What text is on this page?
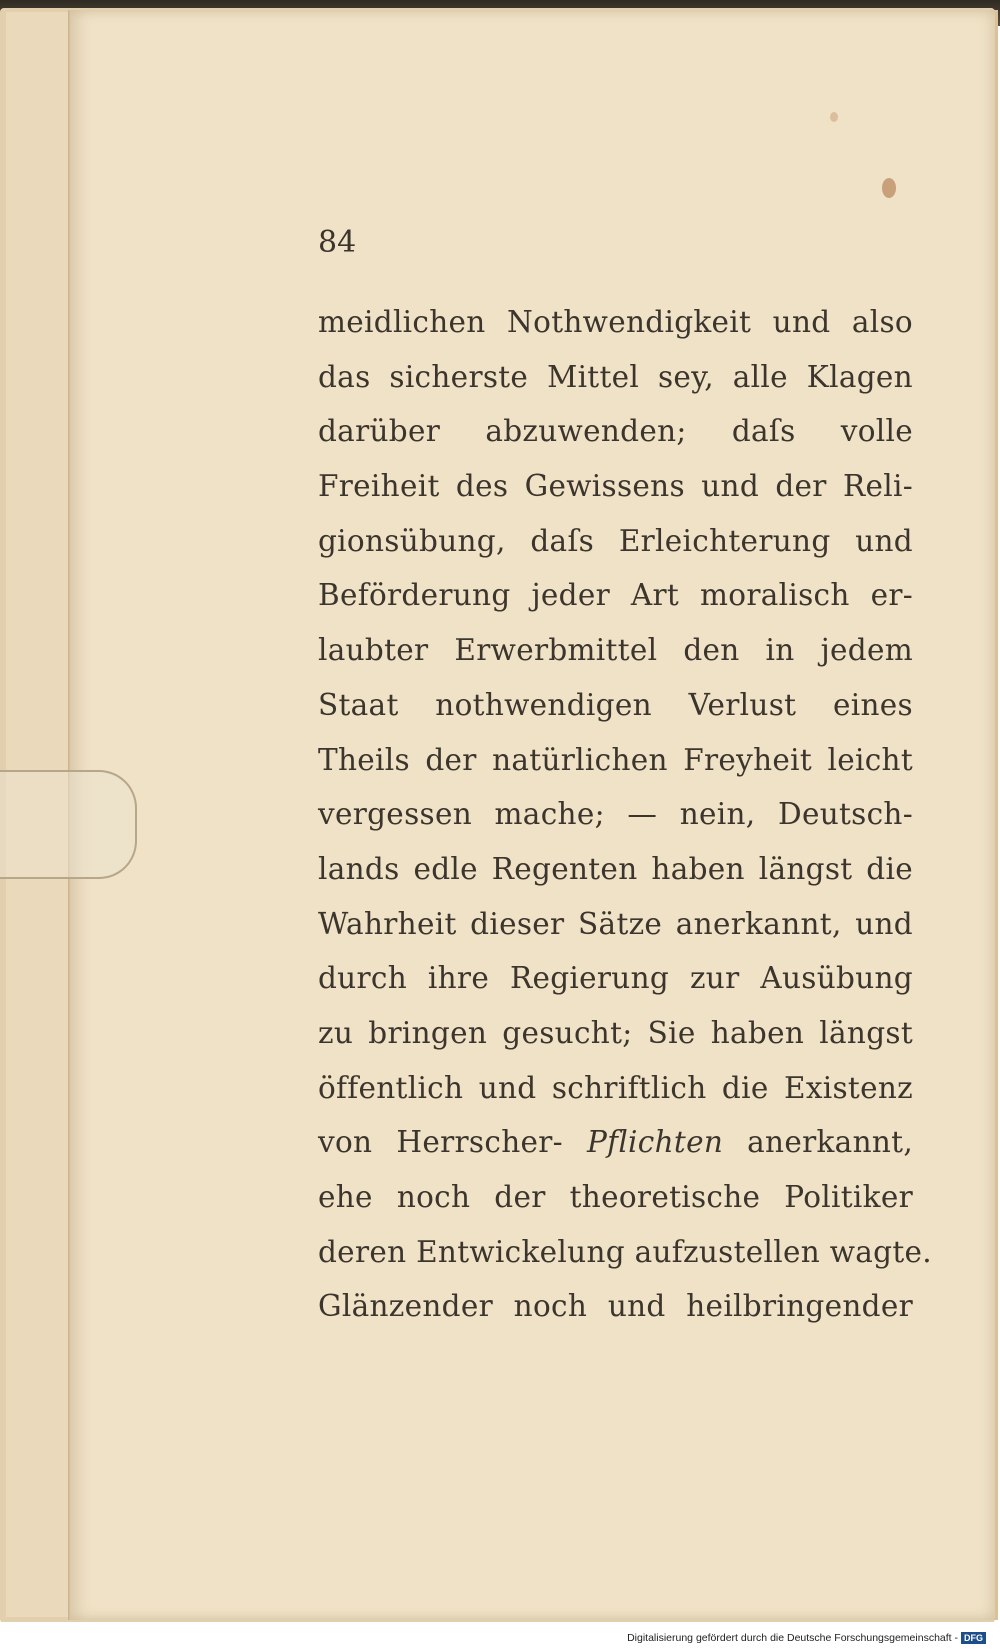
84
meidlichen Nothwendigkeit und also
das sicherste Mittel sey, alle Klagen
darüber abzuwenden; daſs volle
Freiheit des Gewissens und der Reli-
gionsübung, daſs Erleichterung und
Beförderung jeder Art moralisch er-
laubter Erwerbmittel den in jedem
Staat nothwendigen Verlust eines
Theils der natürlichen Freyheit leicht
vergessen mache; — nein, Deutsch-
lands edle Regenten haben längst die
Wahrheit dieser Sätze anerkannt, und
durch ihre Regierung zur Ausübung
zu bringen gesucht; Sie haben längst
öffentlich und schriftlich die Existenz
von Herrscher- Pflichten anerkannt,
ehe noch der theoretische Politiker
deren Entwickelung aufzustellen wagte.
Glänzender noch und heilbringender
Digitalisierung gefördert durch die Deutsche Forschungsgemeinschaft - DFG
